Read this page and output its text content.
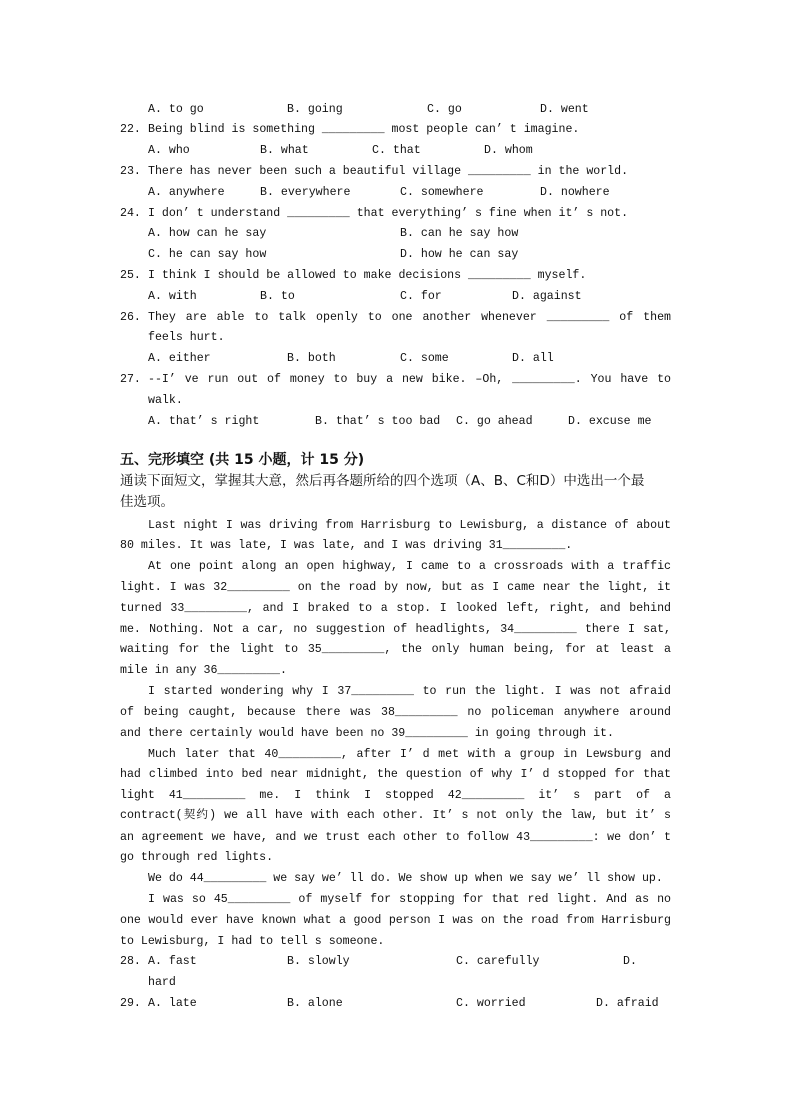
A. to go	B. going	C. go	D. went
22. Being blind is something _________ most people can’ t imagine.
A. who	B. what	C. that	D. whom
23. There has never been such a beautiful village _________ in the world.
A. anywhere	B. everywhere	C. somewhere	D. nowhere
24. I don’ t understand _________ that everything’ s fine when it’ s not.
A. how can he say	B. can he say how
C. he can say how	D. how he can say
25. I think I should be allowed to make decisions _________ myself.
A. with	B. to	C. for	D. against
26. They are able to talk openly to one another whenever _________ of them
feels hurt.
A. either	B. both	C. some	D. all
27. --I’ ve run out of money to buy a new bike. –Oh, _________. You have to
walk.
A. that’ s right	B. that’ s too bad C. go ahead	D. excuse me
五、完形填空 (共 15 小题，计 15 分)
通读下面短文，掌握其大意，然后再各题所给的四个选项（A、B、C和D）中选出一个最
佳选项。
Last night I was driving from Harrisburg to Lewisburg, a distance of about
80 miles. It was late, I was late, and I was driving 31_________.
At one point along an open highway, I came to a crossroads with a traffic
light. I was 32_________ on the road by now, but as I came near the light, it
turned 33_________, and I braked to a stop. I looked left, right, and behind
me. Nothing. Not a car, no suggestion of headlights, 34_________ there I sat,
waiting for the light to 35_________, the only human being, for at least a
mile in any 36_________.
I started wondering why I 37_________ to run the light. I was not afraid
of being caught, because there was 38_________ no policeman anywhere around
and there certainly would have been no 39_________ in going through it.
Much later that 40_________, after I’ d met with a group in Lewsburg and
had climbed into bed near midnight, the question of why I’ d stopped for that
light 41_________ me. I think I stopped 42_________ it’ s part of a
contract(契约) we all have with each other. It’ s not only the law, but it’ s
an agreement we have, and we trust each other to follow 43_________: we don’ t
go through red lights.
We do 44_________ we say we’ ll do. We show up when we say we’ ll show up.
I was so 45_________ of myself for stopping for that red light. And as no
one would ever have known what a good person I was on the road from Harrisburg
to Lewisburg, I had to tell s someone.
28. A. fast	B. slowly	C. carefully	D.
hard
29. A. late	B. alone	C. worried	D. afraid
